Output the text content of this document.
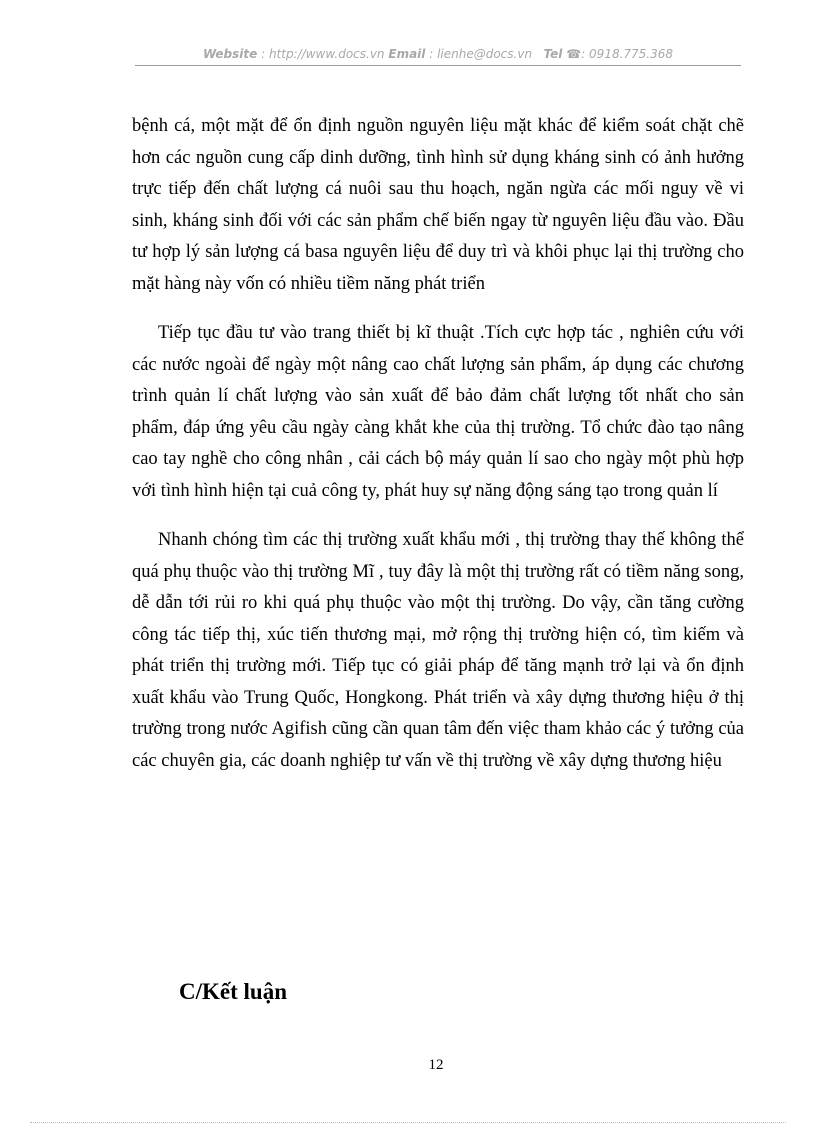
Website : http://www.docs.vn Email : lienhe@docs.vn Tel ☎: 0918.775.368

bệnh cá, một mặt để ổn định nguồn nguyên liệu mặt khác để kiểm soát chặt chẽ hơn các nguồn cung cấp dinh dưỡng, tình hình sử dụng kháng sinh có ảnh hưởng trực tiếp đến chất lượng cá nuôi sau thu hoạch, ngăn ngừa các mối nguy về vi sinh, kháng sinh đối với các sản phẩm chế biến ngay từ nguyên liệu đầu vào. Đầu tư hợp lý sản lượng cá basa nguyên liệu để duy trì và khôi phục lại thị trường cho mặt hàng này vốn có nhiều tiềm năng phát triển

Tiếp tục đầu tư vào trang thiết bị kĩ thuật .Tích cực hợp tác , nghiên cứu với các nước ngoài để ngày một nâng cao chất lượng sản phẩm, áp dụng các chương trình quản lí chất lượng vào sản xuất để bảo đảm chất lượng tốt nhất cho sản phẩm, đáp ứng yêu cầu ngày càng khắt khe của thị trường. Tổ chức đào tạo nâng cao tay nghề cho công nhân , cải cách bộ máy quản lí sao cho ngày một phù hợp với tình hình hiện tại cuả công ty, phát huy sự năng động sáng tạo trong quản lí

Nhanh chóng tìm các thị trường xuất khẩu mới , thị trường thay thế không thể quá phụ thuộc vào thị trường Mĩ , tuy đây là một thị trường rất có tiềm năng song, dễ dẫn tới rủi ro khi quá phụ thuộc vào một thị trường. Do vậy, cần tăng cường công tác tiếp thị, xúc tiến thương mại, mở rộng thị trường hiện có, tìm kiếm và phát triển thị trường mới. Tiếp tục có giải pháp để tăng mạnh trở lại và ổn định xuất khẩu vào Trung Quốc, Hongkong. Phát triển và xây dựng thương hiệu ở thị trường trong nước Agifish cũng cần quan tâm đến việc tham khảo các ý tưởng của các chuyên gia, các doanh nghiệp tư vấn về thị trường về xây dựng thương hiệu

C/Kết luận
12
